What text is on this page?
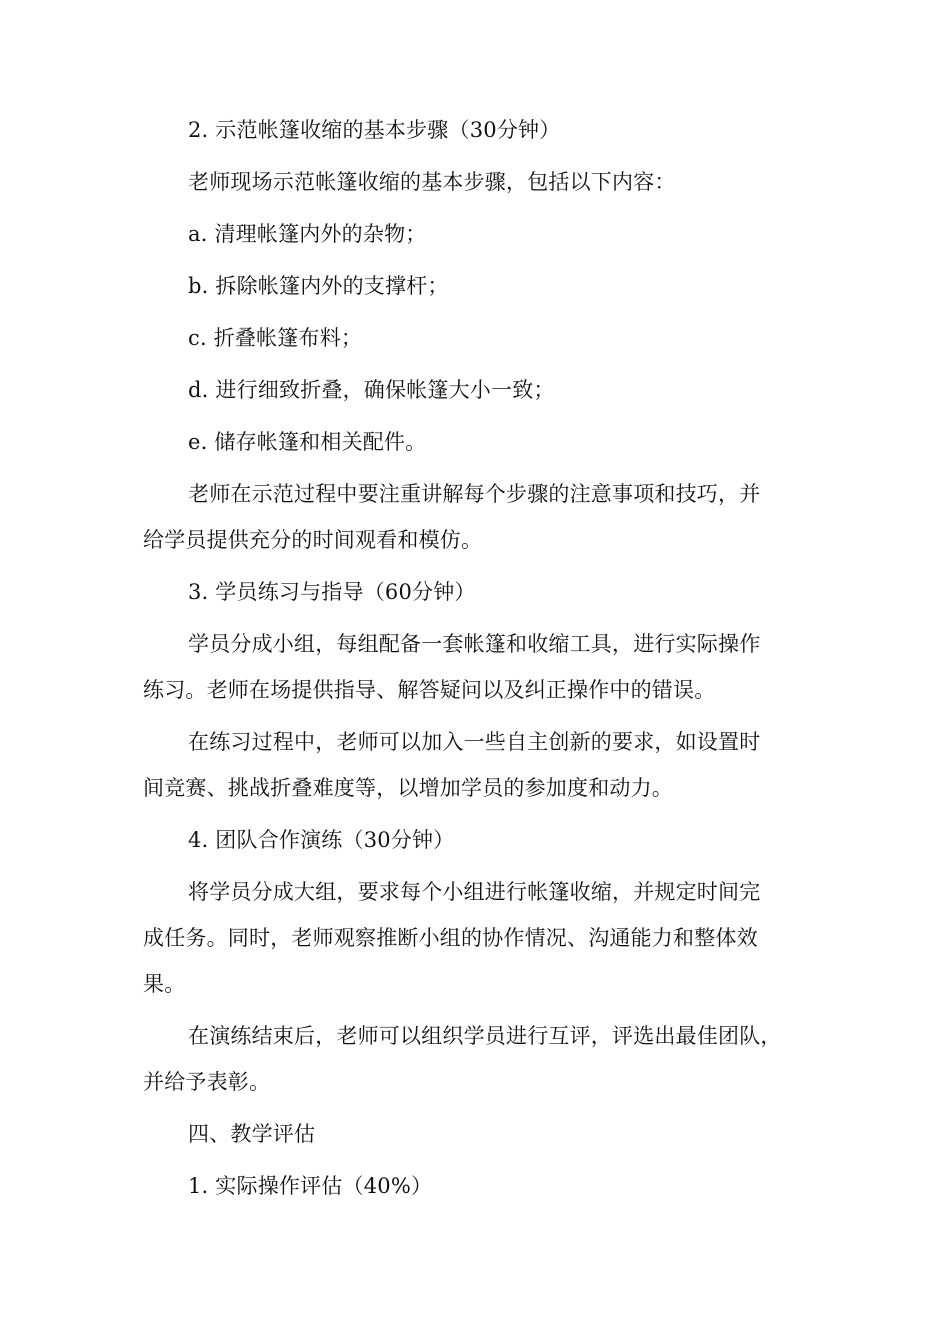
2. 示范帐篷收缩的基本步骤（30分钟）

老师现场示范帐篷收缩的基本步骤，包括以下内容：

a. 清理帐篷内外的杂物；

b. 拆除帐篷内外的支撑杆；

c. 折叠帐篷布料；

d. 进行细致折叠，确保帐篷大小一致；

e. 储存帐篷和相关配件。

老师在示范过程中要注重讲解每个步骤的注意事项和技巧，并

给学员提供充分的时间观看和模仿。

3. 学员练习与指导（60分钟）

学员分成小组，每组配备一套帐篷和收缩工具，进行实际操作

练习。老师在场提供指导、解答疑问以及纠正操作中的错误。

在练习过程中，老师可以加入一些自主创新的要求，如设置时

间竞赛、挑战折叠难度等，以增加学员的参加度和动力。

4. 团队合作演练（30分钟）

将学员分成大组，要求每个小组进行帐篷收缩，并规定时间完

成任务。同时，老师观察推断小组的协作情况、沟通能力和整体效

果。

在演练结束后，老师可以组织学员进行互评，评选出最佳团队，

并给予表彰。

四、教学评估

1. 实际操作评估（40%）
